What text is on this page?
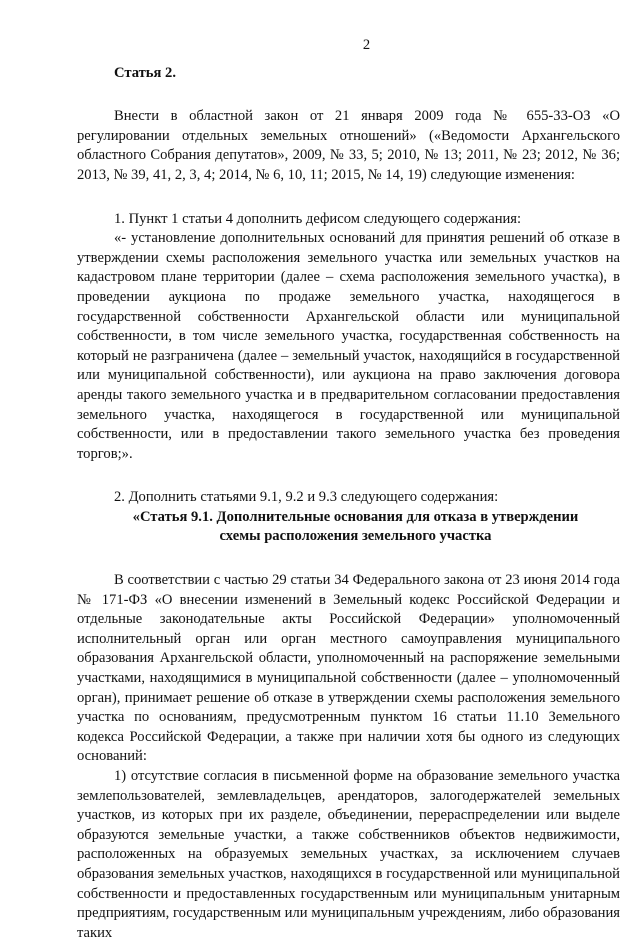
2
Статья 2.

Внести в областной закон от 21 января 2009 года № 655-33-ОЗ «О регулировании отдельных земельных отношений» («Ведомости Архангельского областного Собрания депутатов», 2009, № 33, 5; 2010, № 13; 2011, № 23; 2012, № 36; 2013, № 39, 41, 2, 3, 4; 2014, № 6, 10, 11; 2015, № 14, 19) следующие изменения:

1. Пункт 1 статьи 4 дополнить дефисом следующего содержания:

«- установление дополнительных оснований для принятия решений об отказе в утверждении схемы расположения земельного участка или земельных участков на кадастровом плане территории (далее – схема расположения земельного участка), в проведении аукциона по продаже земельного участка, находящегося в государственной собственности Архангельской области или муниципальной собственности, в том числе земельного участка, государственная собственность на который не разграничена (далее – земельный участок, находящийся в государственной или муниципальной собственности), или аукциона на право заключения договора аренды такого земельного участка и в предварительном согласовании предоставления земельного участка, находящегося в государственной или муниципальной собственности, или в предоставлении такого земельного участка без проведения торгов;».

2. Дополнить статьями 9.1, 9.2 и 9.3 следующего содержания:

«Статья 9.1. Дополнительные основания для отказа в утверждении
схемы расположения земельного участка

В соответствии с частью 29 статьи 34 Федерального закона от 23 июня 2014 года № 171-ФЗ «О внесении изменений в Земельный кодекс Российской Федерации и отдельные законодательные акты Российской Федерации» уполномоченный исполнительный орган или орган местного самоуправления муниципального образования Архангельской области, уполномоченный на распоряжение земельными участками, находящимися в муниципальной собственности (далее – уполномоченный орган), принимает решение об отказе в утверждении схемы расположения земельного участка по основаниям, предусмотренным пунктом 16 статьи 11.10 Земельного кодекса Российской Федерации, а также при наличии хотя бы одного из следующих оснований:

1) отсутствие согласия в письменной форме на образование земельного участка землепользователей, землевладельцев, арендаторов, залогодержателей земельных участков, из которых при их разделе, объединении, перераспределении или выделе образуются земельные участки, а также собственников объектов недвижимости, расположенных на образуемых земельных участках, за исключением случаев образования земельных участков, находящихся в государственной или муниципальной собственности и предоставленных государственным или муниципальным унитарным предприятиям, государственным или муниципальным учреждениям, либо образования таких
